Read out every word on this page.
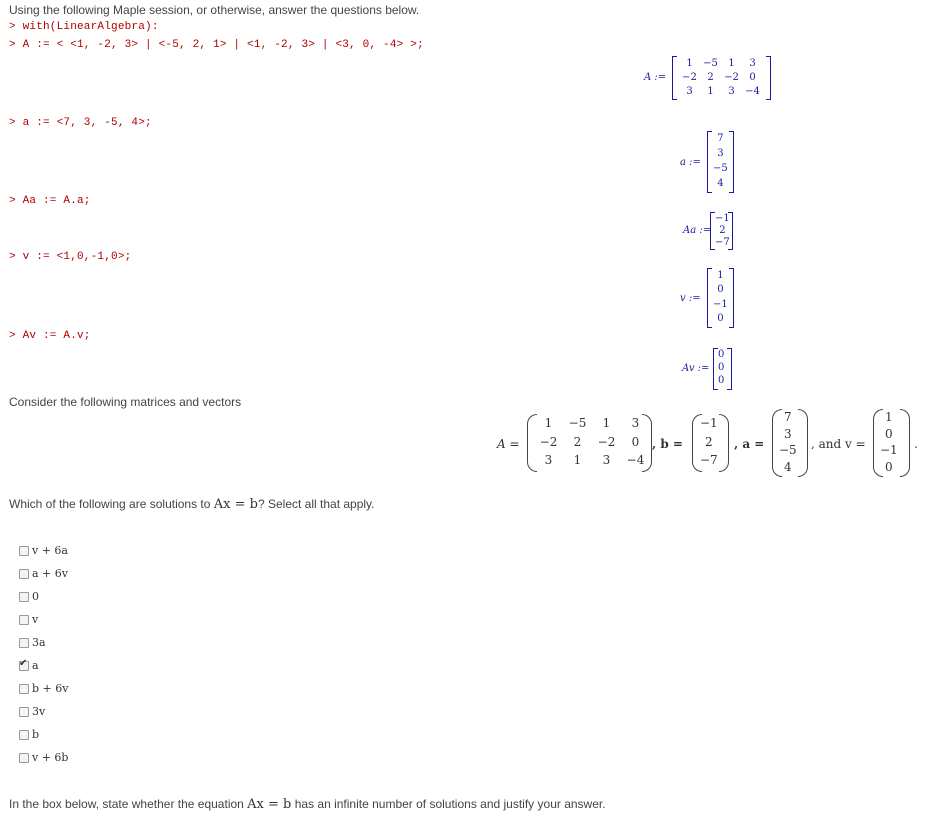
Using the following Maple session, or otherwise, answer the questions below.
> with(LinearAlgebra):
> A := < <1, -2, 3> | <-5, 2, 1> | <1, -2, 3> | <3, 0, -4> >;
A :=
1	−5	1	3
−2	2	−2	0
3	1	3	−4
> a := <7, 3, -5, 4>;
a :=
7
3
−5
4
> Aa := A.a;
Aa :=
−1
2
−7
> v := <1,0,-1,0>;
v :=
1
0
−1
0
> Av := A.v;
Av :=
0
0
0
Consider the following matrices and vectors
A =
1	−5	1	3
−2	2	−2	0
3	1	3	−4
, b =
−1
2
−7
, a =
7
3
−5
4
, and v =
1
0
−1
0
.
Which of the following are solutions to Ax = b? Select all that apply.
v + 6a
a + 6v
0
v
3a
✔
a
b + 6v
3v
b
v + 6b
In the box below, state whether the equation Ax = b has an infinite number of solutions and justify your answer.
